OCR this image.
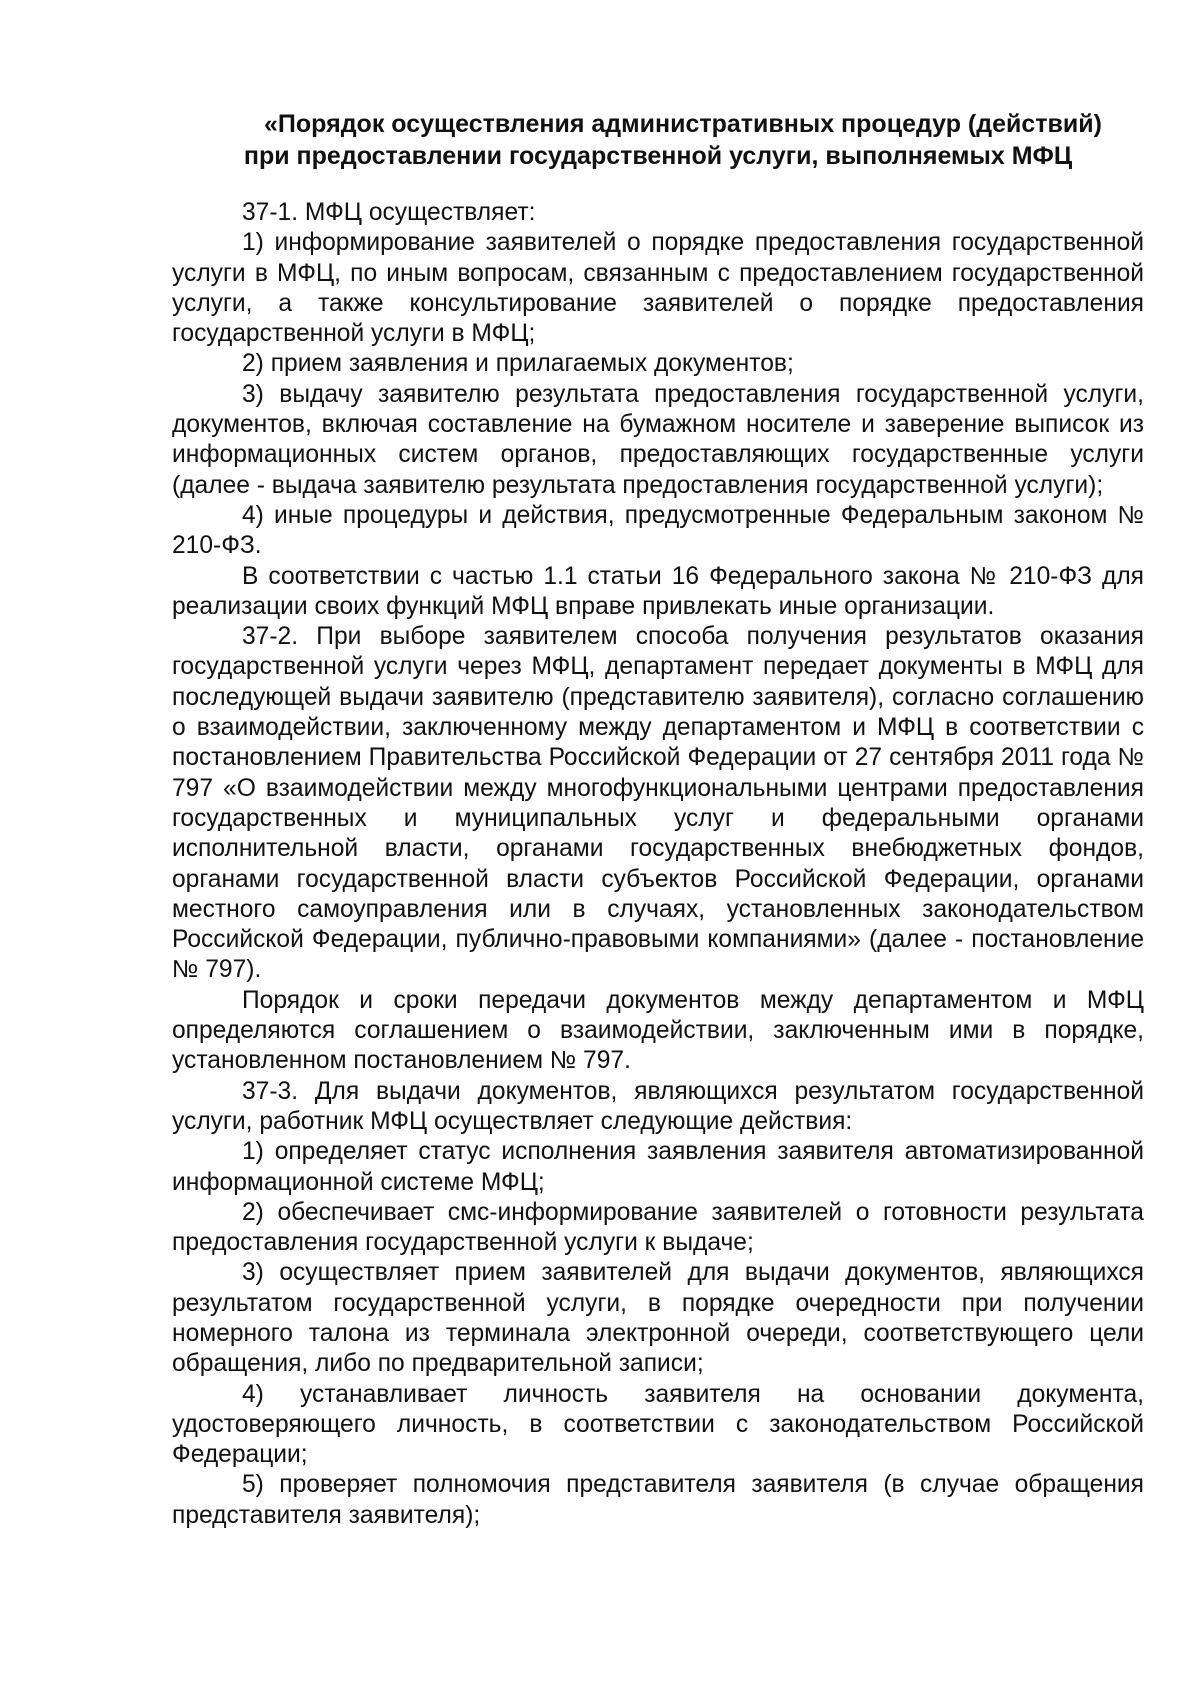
«Порядок осуществления административных процедур (действий)
при предоставлении государственной услуги, выполняемых МФЦ

37-1. МФЦ осуществляет:

1) информирование заявителей о порядке предоставления государственной услуги в МФЦ, по иным вопросам, связанным с предоставлением государственной услуги, а также консультирование заявителей о порядке предоставления государственной услуги в МФЦ;

2) прием заявления и прилагаемых документов;

3) выдачу заявителю результата предоставления государственной услуги, документов, включая составление на бумажном носителе и заверение выписок из информационных систем органов, предоставляющих государственные услуги (далее - выдача заявителю результата предоставления государственной услуги);

4) иные процедуры и действия, предусмотренные Федеральным законом № 210-ФЗ.

В соответствии с частью 1.1 статьи 16 Федерального закона № 210-ФЗ для реализации своих функций МФЦ вправе привлекать иные организации.

37-2. При выборе заявителем способа получения результатов оказания государственной услуги через МФЦ, департамент передает документы в МФЦ для последующей выдачи заявителю (представителю заявителя), согласно соглашению о взаимодействии, заключенному между департаментом и МФЦ в соответствии с постановлением Правительства Российской Федерации от 27 сентября 2011 года № 797 «О взаимодействии между многофункциональными центрами предоставления государственных и муниципальных услуг и федеральными органами исполнительной власти, органами государственных внебюджетных фондов, органами государственной власти субъектов Российской Федерации, органами местного самоуправления или в случаях, установленных законодательством Российской Федерации, публично-правовыми компаниями» (далее - постановление № 797).

Порядок и сроки передачи документов между департаментом и МФЦ определяются соглашением о взаимодействии, заключенным ими в порядке, установленном постановлением № 797.

37-3. Для выдачи документов, являющихся результатом государственной услуги, работник МФЦ осуществляет следующие действия:

1) определяет статус исполнения заявления заявителя автоматизированной информационной системе МФЦ;

2) обеспечивает смс-информирование заявителей о готовности результата предоставления государственной услуги к выдаче;

3) осуществляет прием заявителей для выдачи документов, являющихся результатом государственной услуги, в порядке очередности при получении номерного талона из терминала электронной очереди, соответствующего цели обращения, либо по предварительной записи;

4) устанавливает личность заявителя на основании документа, удостоверяющего личность, в соответствии с законодательством Российской Федерации;

5) проверяет полномочия представителя заявителя (в случае обращения представителя заявителя);
